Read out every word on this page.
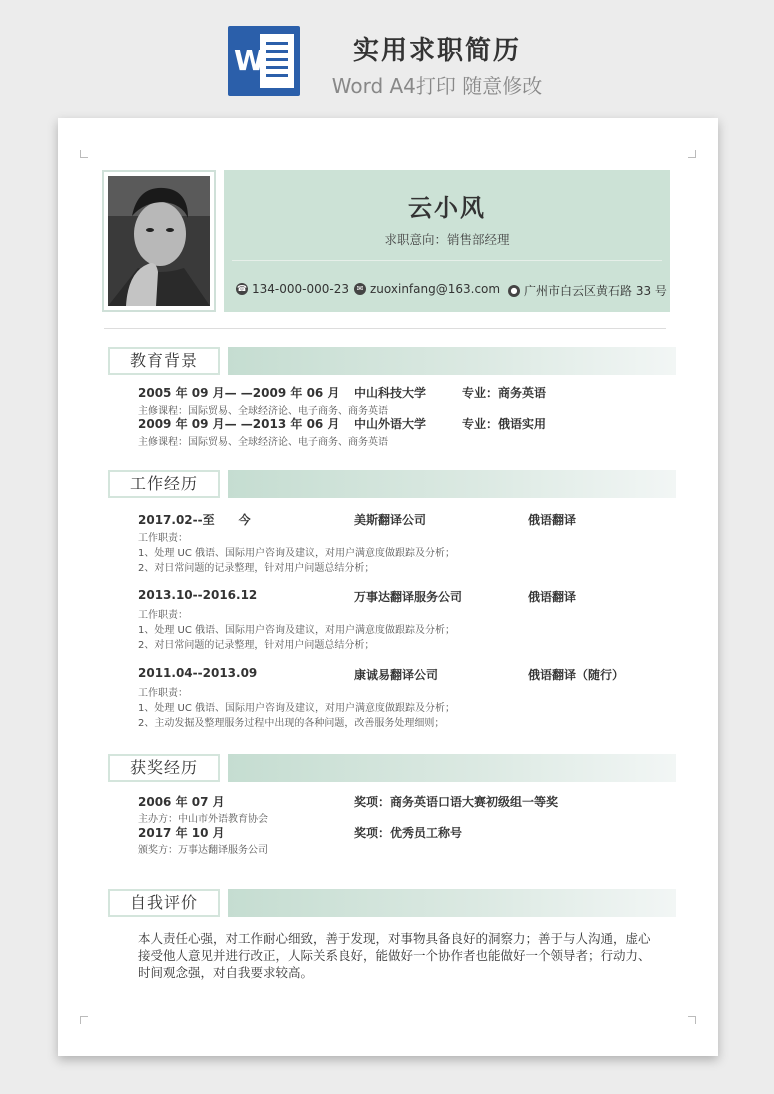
W	实用求职简历
Word A4打印 随意修改
云小风
求职意向：销售部经理
☎ 134-000-000-23 ✉ zuoxinfang@163.com	● 广州市白云区黄石路 33 号
教育背景
2005 年 09 月— —2009 年 06 月 中山科技大学	专业：商务英语
主修课程：国际贸易、全球经济论、电子商务、商务英语
2009 年 09 月— —2013 年 06 月 中山外语大学	专业：俄语实用
主修课程：国际贸易、全球经济论、电子商务、商务英语
工作经历
2017.02--至　　今	美斯翻译公司	俄语翻译
工作职责：
1、处理 UC 俄语、国际用户咨询及建议，对用户满意度做跟踪及分析；
2、对日常问题的记录整理，针对用户问题总结分析；
2013.10--2016.12	万事达翻译服务公司	俄语翻译
工作职责：
1、处理 UC 俄语、国际用户咨询及建议，对用户满意度做跟踪及分析；
2、对日常问题的记录整理，针对用户问题总结分析；
2011.04--2013.09	康诚易翻译公司	俄语翻译（随行）
工作职责：
1、处理 UC 俄语、国际用户咨询及建议，对用户满意度做跟踪及分析；
2、主动发掘及整理服务过程中出现的各种问题，改善服务处理细则；
获奖经历
2006 年 07 月	奖项：商务英语口语大赛初级组一等奖
主办方：中山市外语教育协会
2017 年 10 月	奖项：优秀员工称号
颁奖方：万事达翻译服务公司
自我评价
本人责任心强，对工作耐心细致，善于发现，对事物具备良好的洞察力；善于与人沟通，虚心接受他人意见并进行改正，人际关系良好，能做好一个协作者也能做好一个领导者；行动力、时间观念强，对自我要求较高。
